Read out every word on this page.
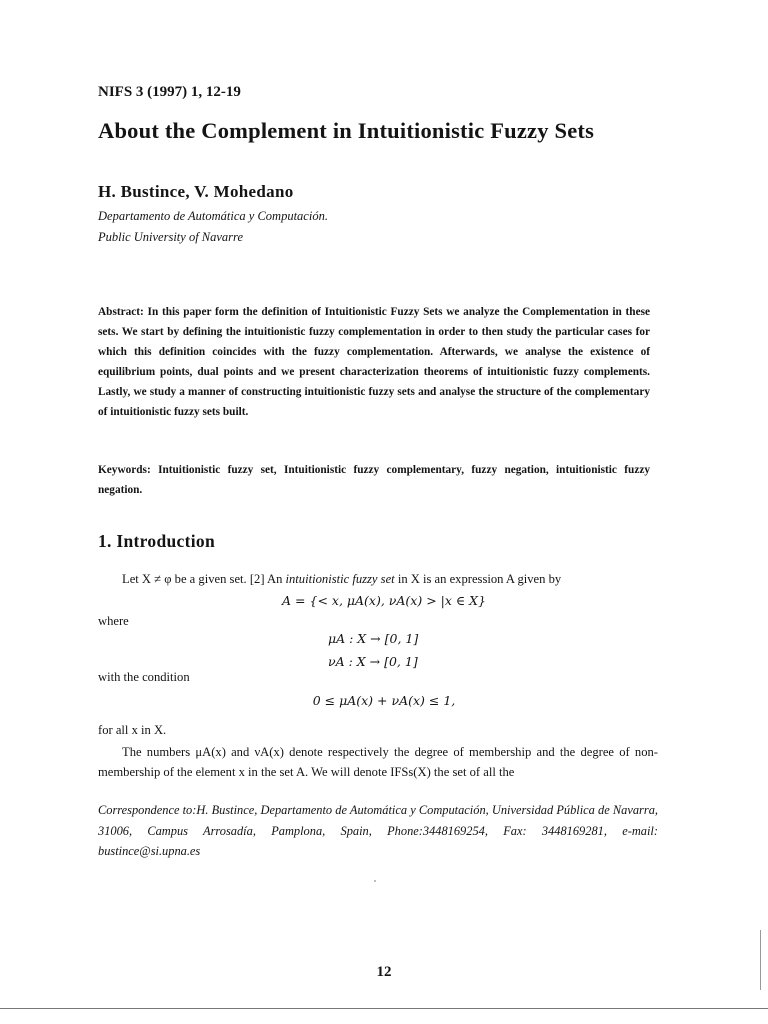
NIFS 3 (1997) 1, 12-19
About the Complement in Intuitionistic Fuzzy Sets
H. Bustince, V. Mohedano
Departamento de Automática y Computación.
Public University of Navarre
Abstract: In this paper form the definition of Intuitionistic Fuzzy Sets we analyze the Complementation in these sets. We start by defining the intuitionistic fuzzy complementation in order to then study the particular cases for which this definition coincides with the fuzzy complementation. Afterwards, we analyse the existence of equilibrium points, dual points and we present characterization theorems of intuitionistic fuzzy complements. Lastly, we study a manner of constructing intuitionistic fuzzy sets and analyse the structure of the complementary of intuitionistic fuzzy sets built.
Keywords: Intuitionistic fuzzy set, Intuitionistic fuzzy complementary, fuzzy negation, intuitionistic fuzzy negation.
1. Introduction
Let X ≠ φ be a given set. [2] An intuitionistic fuzzy set in X is an expression A given by
A = {< x, μA(x), νA(x) > |x ∈ X}
where
μA : X → [0, 1]
νA : X → [0, 1]
with the condition
0 ≤ μA(x) + νA(x) ≤ 1,
for all x in X.
The numbers μA(x) and νA(x) denote respectively the degree of membership and the degree of non-membership of the element x in the set A. We will denote IFSs(X) the set of all the
Correspondence to:H. Bustince, Departamento de Automática y Computación, Universidad Pública de Navarra, 31006, Campus Arrosadía, Pamplona, Spain, Phone:3448169254, Fax: 3448169281, e-mail: bustince@si.upna.es
12
